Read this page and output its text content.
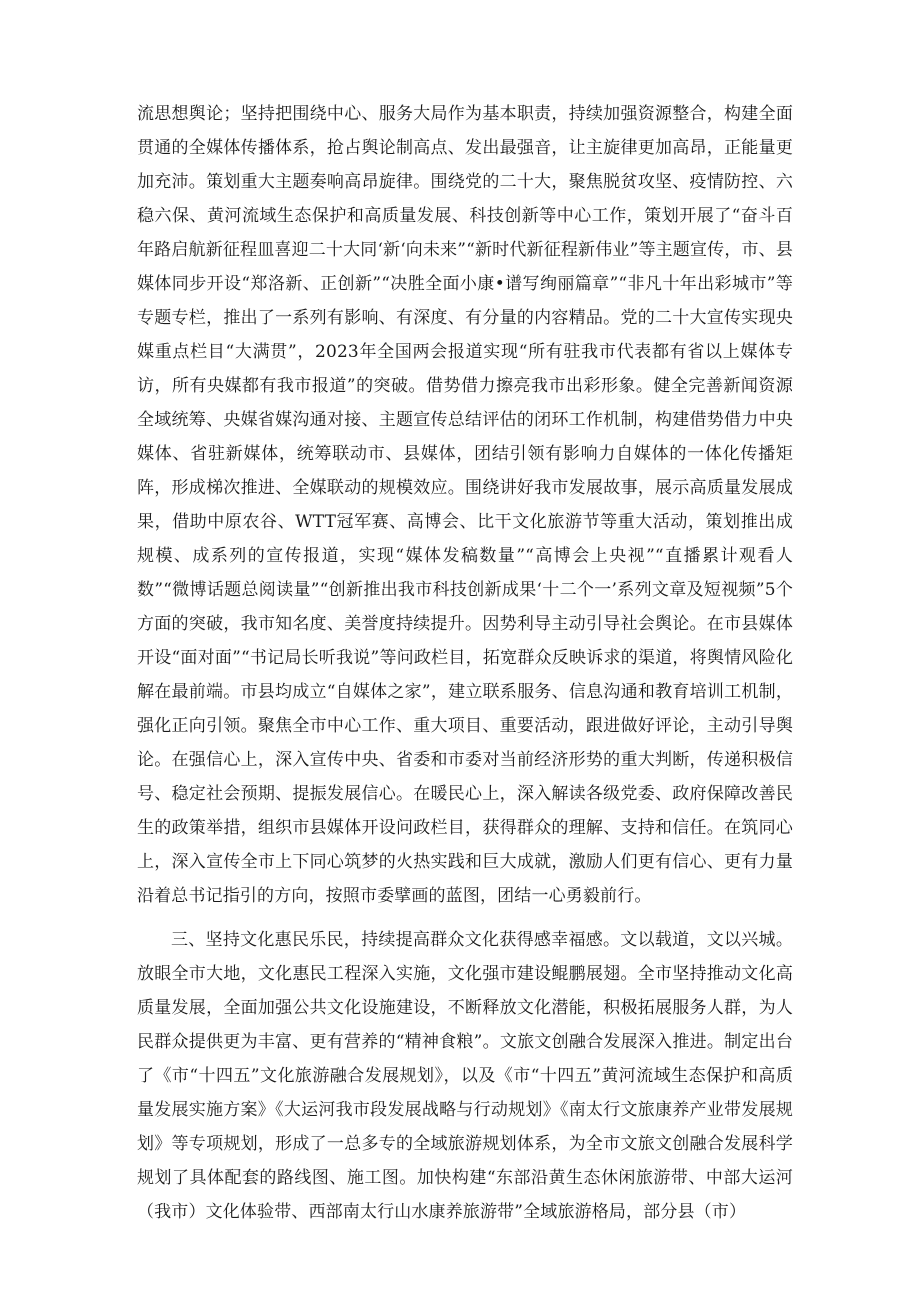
流思想舆论；坚持把围绕中心、服务大局作为基本职责，持续加强资源整合，构建全面贯通的全媒体传播体系，抢占舆论制高点、发出最强音，让主旋律更加高昂，正能量更加充沛。策划重大主题奏响高昂旋律。围绕党的二十大，聚焦脱贫攻坚、疫情防控、六稳六保、黄河流域生态保护和高质量发展、科技创新等中心工作，策划开展了“奋斗百年路启航新征程皿喜迎二十大同‘新‘向未来”“新时代新征程新伟业”等主题宣传，市、县媒体同步开设“郑洛新、正创新”“决胜全面小康•谱写绚丽篇章”“非凡十年出彩城市”等专题专栏，推出了一系列有影响、有深度、有分量的内容精品。党的二十大宣传实现央媒重点栏目“大满贯”，2023年全国两会报道实现“所有驻我市代表都有省以上媒体专访，所有央媒都有我市报道”的突破。借势借力擦亮我市出彩形象。健全完善新闻资源全域统筹、央媒省媒沟通对接、主题宣传总结评估的闭环工作机制，构建借势借力中央媒体、省驻新媒体，统筹联动市、县媒体，团结引领有影响力自媒体的一体化传播矩阵，形成梯次推进、全媒联动的规模效应。围绕讲好我市发展故事，展示高质量发展成果，借助中原农谷、WTT冠军赛、高博会、比干文化旅游节等重大活动，策划推出成规模、成系列的宣传报道，实现“媒体发稿数量”“高博会上央视”“直播累计观看人数”“微博话题总阅读量”“创新推出我市科技创新成果‘十二个一’系列文章及短视频”5个方面的突破，我市知名度、美誉度持续提升。因势利导主动引导社会舆论。在市县媒体开设“面对面”“书记局长听我说”等问政栏目，拓宽群众反映诉求的渠道，将舆情风险化解在最前端。市县均成立“自媒体之家”，建立联系服务、信息沟通和教育培训工机制，强化正向引领。聚焦全市中心工作、重大项目、重要活动，跟进做好评论，主动引导舆论。在强信心上，深入宣传中央、省委和市委对当前经济形势的重大判断，传递积极信号、稳定社会预期、提振发展信心。在暖民心上，深入解读各级党委、政府保障改善民生的政策举措，组织市县媒体开设问政栏目，获得群众的理解、支持和信任。在筑同心上，深入宣传全市上下同心筑梦的火热实践和巨大成就，激励人们更有信心、更有力量沿着总书记指引的方向，按照市委擘画的蓝图，团结一心勇毅前行。

三、坚持文化惠民乐民，持续提高群众文化获得感幸福感。文以载道，文以兴城。放眼全市大地，文化惠民工程深入实施，文化强市建设鲲鹏展翅。全市坚持推动文化高质量发展，全面加强公共文化设施建设，不断释放文化潜能，积极拓展服务人群，为人民群众提供更为丰富、更有营养的“精神食粮”。文旅文创融合发展深入推进。制定出台了《市“十四五”文化旅游融合发展规划》，以及《市“十四五”黄河流域生态保护和高质量发展实施方案》《大运河我市段发展战略与行动规划》《南太行文旅康养产业带发展规划》等专项规划，形成了一总多专的全域旅游规划体系，为全市文旅文创融合发展科学规划了具体配套的路线图、施工图。加快构建“东部沿黄生态休闲旅游带、中部大运河（我市）文化体验带、西部南太行山水康养旅游带”全域旅游格局，部分县（市）
